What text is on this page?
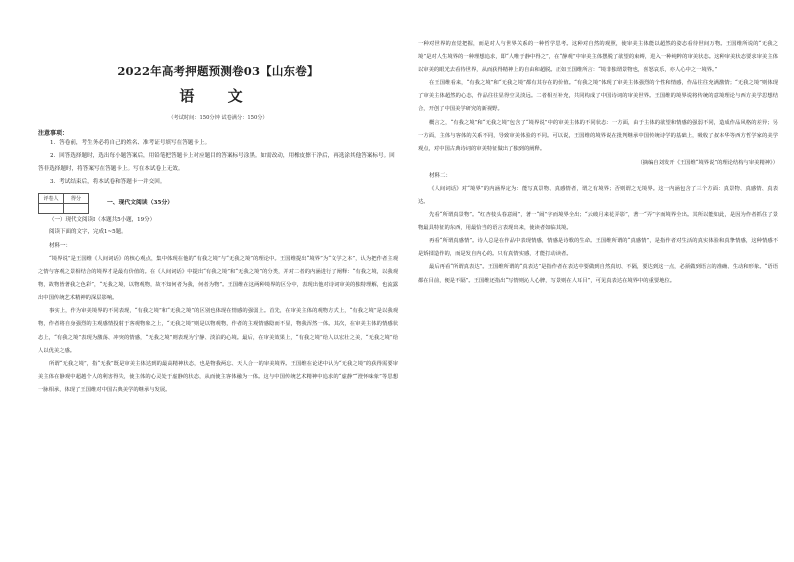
2022年高考押题预测卷03【山东卷】
语 文
（考试时间：150分钟 试卷满分：150分）
注意事项：

1．答卷前，考生务必将自己的姓名、准考证号填写在答题卡上。

2．回答选择题时，选出每小题答案后，用铅笔把答题卡上对应题目的答案标号涂黑。如需改动，用橡皮擦干净后，再选涂其他答案标号。回答非选择题时，将答案写在答题卡上。写在本试卷上无效。

3．考试结束后，将本试卷和答题卡一并交回。

评卷人	得分

一、现代文阅读（35分）

（一）现代文阅读Ⅰ（本题共5小题，19分）

阅读下面的文字，完成1~5题。

材料一：

“境界说”是王国维《人间词话》的核心观点，集中体现在他的“有我之境”与“无我之境”的理论中。王国维提出“境界”为“文学之本”，认为把作者主观之情与客观之景相结合的境界才是最有价值的。在《人间词话》中提出“有我之境”和“无我之境”的分类，并对二者的内涵进行了阐释：“有我之境，以我观物，故物皆著我之色彩”，“无我之境，以物观物，故不知何者为我，何者为物”。王国维在这两种境界的区分中，表现出他对诗词审美的独特理解，也流露出中国传统艺术精神的深层影响。

事实上，作为审美境界的不同表现，“有我之境”和“无我之境”的区别也体现在情感的强弱上。首先，在审美主体的观物方式上，“有我之境”是以我观物，作者将自身强烈的主观感情投射于客观物象之上，“无我之境”则是以物观物，作者的主观情感隐而不显，物我浑然一体。其次，在审美主体的情感状态上，“有我之境”表现为激荡、冲突的情感，“无我之境”则表现为宁静、淡泊的心境。最后，在审美效果上，“有我之境”给人以宏壮之美，“无我之境”给人以优美之感。

所谓“无我之境”，指“无我”既是审美主体达到的最高精神状态，也是物我两忘、天人合一的审美境界。王国维在论述中认为“无我之境”的获得需要审美主体在静观中超越个人的利害得失，使主体的心灵处于虚静的状态，从而使主客体融为一体。这与中国传统艺术精神中追求的“虚静”“澄怀味象”等思想一脉相承，体现了王国维对中国古典美学的继承与发展。

一种对世界的直觉把握，而是对人与世界关系的一种哲学思考。这种对自然的观照，使审美主体能以超然的姿态看待世间万物。王国维所说的“无我之境”是对人生境界的一种理想追求，即“人唯于静中得之”，在“静观”中审美主体摆脱了欲望的束缚，进入一种纯粹的审美状态。这种审美状态要求审美主体以审美的眼光去看待世界，从而获得精神上的自由和超脱。正如王国维所言：“境非独谓景物也，喜怒哀乐，亦人心中之一境界。”

在王国维看来，“有我之境”和“无我之境”都有其存在的价值。“有我之境”体现了审美主体强烈的个性和情感，作品往往充满激情；“无我之境”则体现了审美主体超然的心态，作品往往显得空灵淡远。二者相互补充，共同构成了中国诗词的审美世界。王国维的境界说将传统的意境理论与西方美学思想结合，开创了中国美学研究的新视野。

概言之，“有我之境”和“无我之境”包含了“境界说”中的审美主体的不同状态：一方面，由于主体的欲望和情感的强弱不同，造成作品风格的差异；另一方面，主体与客体的关系不同，导致审美体验的不同。可以说，王国维的境界说在批判继承中国传统诗学的基础上，吸收了叔本华等西方哲学家的美学观点，对中国古典诗词的审美特征做出了独到的阐释。

（摘编自刘发开《王国维“境界说”的理论结构与审美精神》）
材料二：

《人间词话》对“境界”的内涵界定为：能写真景物、真感情者，谓之有境界；否则谓之无境界。这一内涵包含了三个方面：真景物、真感情、真表达。

先看“所谓真景物”。“红杏枝头春意闹”，著一“闹”字而境界全出；“云破月来花弄影”，著一“弄”字而境界全出。其所以能如此，是因为作者抓住了景物最具特征的东西，用最恰当的语言表现出来，使读者如临其境。

再看“所谓真感情”。诗人总是在作品中表现情感，情感是诗歌的生命。王国维所谓的“真感情”，是指作者对生活的真实体验和真挚情感，这种情感不是矫揉造作的，而是发自内心的。只有真情实感，才能打动读者。

最后再看“所谓真表达”。王国维所谓的“真表达”是指作者在表达中要做到自然真切、不隔，要达到这一点，必须做到语言的准确、生动和形象。“语语都在目前，便是不隔”。王国维还指出“写情则沁人心脾，写景则在人耳目”，可见真表达在境界中的重要地位。
